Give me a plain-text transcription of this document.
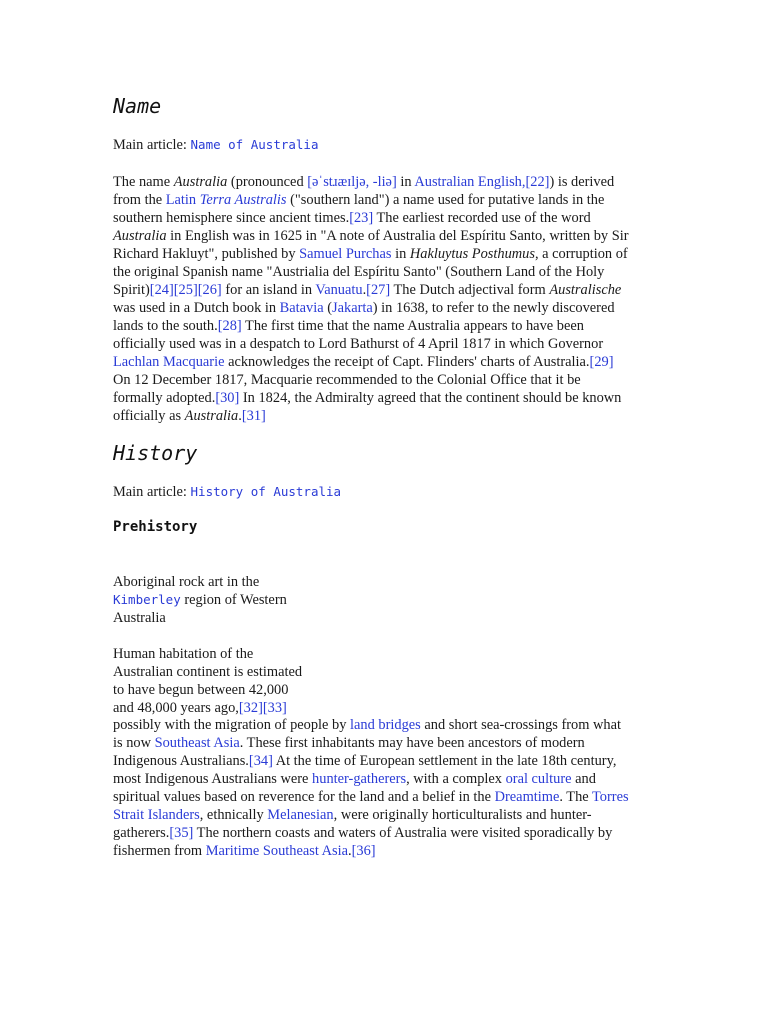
Name
Main article: Name of Australia
The name Australia (pronounced [əˈstɹæɪljə, -liə] in Australian English,[22]) is derived
from the Latin Terra Australis ("southern land") a name used for putative lands in the
southern hemisphere since ancient times.[23] The earliest recorded use of the word
Australia in English was in 1625 in "A note of Australia del Espíritu Santo, written by Sir
Richard Hakluyt", published by Samuel Purchas in Hakluytus Posthumus, a corruption of
the original Spanish name "Austrialia del Espíritu Santo" (Southern Land of the Holy
Spirit)[24][25][26] for an island in Vanuatu.[27] The Dutch adjectival form Australische
was used in a Dutch book in Batavia (Jakarta) in 1638, to refer to the newly discovered
lands to the south.[28] The first time that the name Australia appears to have been
officially used was in a despatch to Lord Bathurst of 4 April 1817 in which Governor
Lachlan Macquarie acknowledges the receipt of Capt. Flinders' charts of Australia.[29]
On 12 December 1817, Macquarie recommended to the Colonial Office that it be
formally adopted.[30] In 1824, the Admiralty agreed that the continent should be known
officially as Australia.[31]
History
Main article: History of Australia
Prehistory
Aboriginal rock art in the
Kimberley region of Western
Australia
Human habitation of the
Australian continent is estimated
to have begun between 42,000
and 48,000 years ago,[32][33]
possibly with the migration of people by land bridges and short sea-crossings from what
is now Southeast Asia. These first inhabitants may have been ancestors of modern
Indigenous Australians.[34] At the time of European settlement in the late 18th century,
most Indigenous Australians were hunter-gatherers, with a complex oral culture and
spiritual values based on reverence for the land and a belief in the Dreamtime. The Torres
Strait Islanders, ethnically Melanesian, were originally horticulturalists and hunter-
gatherers.[35] The northern coasts and waters of Australia were visited sporadically by
fishermen from Maritime Southeast Asia.[36]
